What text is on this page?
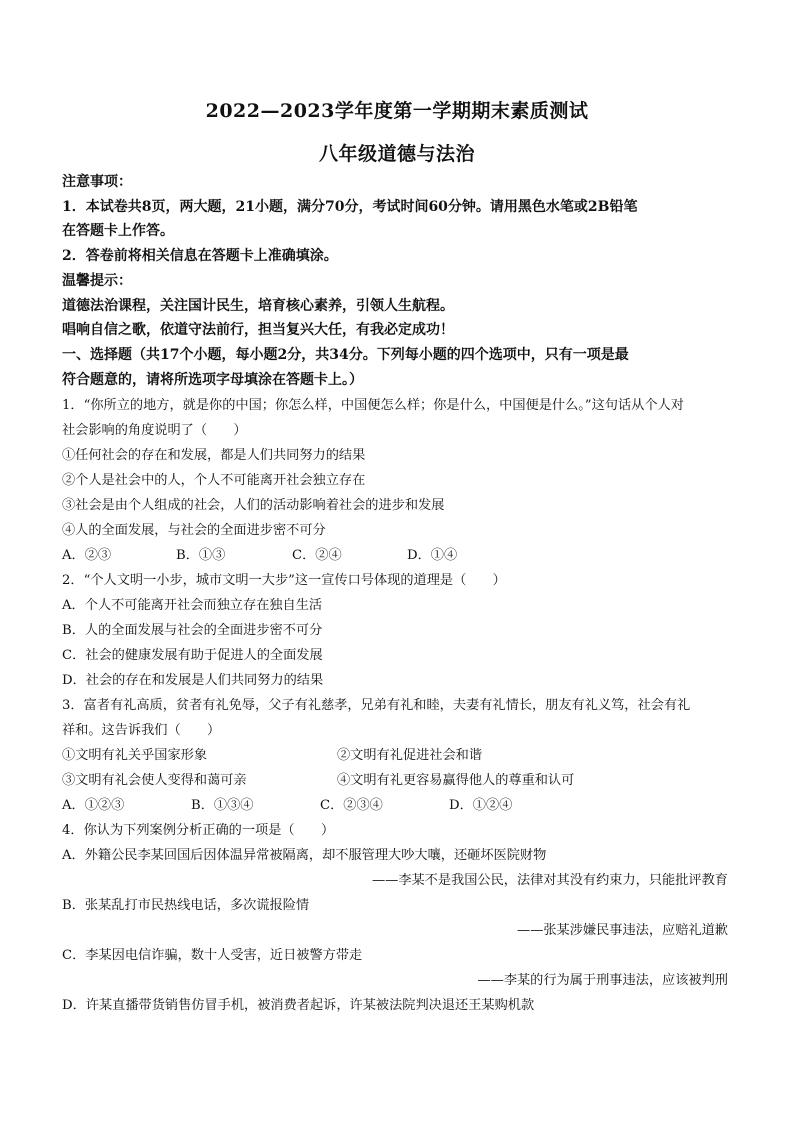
2022—2023学年度第一学期期末素质测试
八年级道德与法治
注意事项：
1．本试卷共8页，两大题，21小题，满分70分，考试时间60分钟。请用黑色水笔或2B铅笔
在答题卡上作答。
2．答卷前将相关信息在答题卡上准确填涂。
温馨提示：
道德法治课程，关注国计民生，培育核心素养，引领人生航程。
唱响自信之歌，依道守法前行，担当复兴大任，有我必定成功！
一、选择题（共17个小题，每小题2分，共34分。下列每小题的四个选项中，只有一项是最
符合题意的，请将所选项字母填涂在答题卡上。）
1．“你所立的地方，就是你的中国；你怎么样，中国便怎么样；你是什么，中国便是什么。”这句话从个人对
社会影响的角度说明了（　　）
①任何社会的存在和发展，都是人们共同努力的结果
②个人是社会中的人，个人不可能离开社会独立存在
③社会是由个人组成的社会，人们的活动影响着社会的进步和发展
④人的全面发展，与社会的全面进步密不可分
A．②③	B．①③	C．②④	D．①④
2．“个人文明一小步，城市文明一大步”这一宣传口号体现的道理是（　　）
A．个人不可能离开社会而独立存在独自生活
B．人的全面发展与社会的全面进步密不可分
C．社会的健康发展有助于促进人的全面发展
D．社会的存在和发展是人们共同努力的结果
3．富者有礼高质，贫者有礼免辱，父子有礼慈孝，兄弟有礼和睦，夫妻有礼情长，朋友有礼义笃，社会有礼
祥和。这告诉我们（　　）
①文明有礼关乎国家形象	②文明有礼促进社会和谐
③文明有礼会使人变得和蔼可亲	④文明有礼更容易赢得他人的尊重和认可
A．①②③	B．①③④	C．②③④	D．①②④
4．你认为下列案例分析正确的一项是（　　）
A．外籍公民李某回国后因体温异常被隔离，却不服管理大吵大嚷，还砸坏医院财物
——李某不是我国公民，法律对其没有约束力，只能批评教育
B．张某乱打市民热线电话，多次谎报险情
——张某涉嫌民事违法，应赔礼道歉
C．李某因电信诈骗，数十人受害，近日被警方带走
——李某的行为属于刑事违法，应该被判刑
D．许某直播带货销售仿冒手机，被消费者起诉，许某被法院判决退还王某购机款
